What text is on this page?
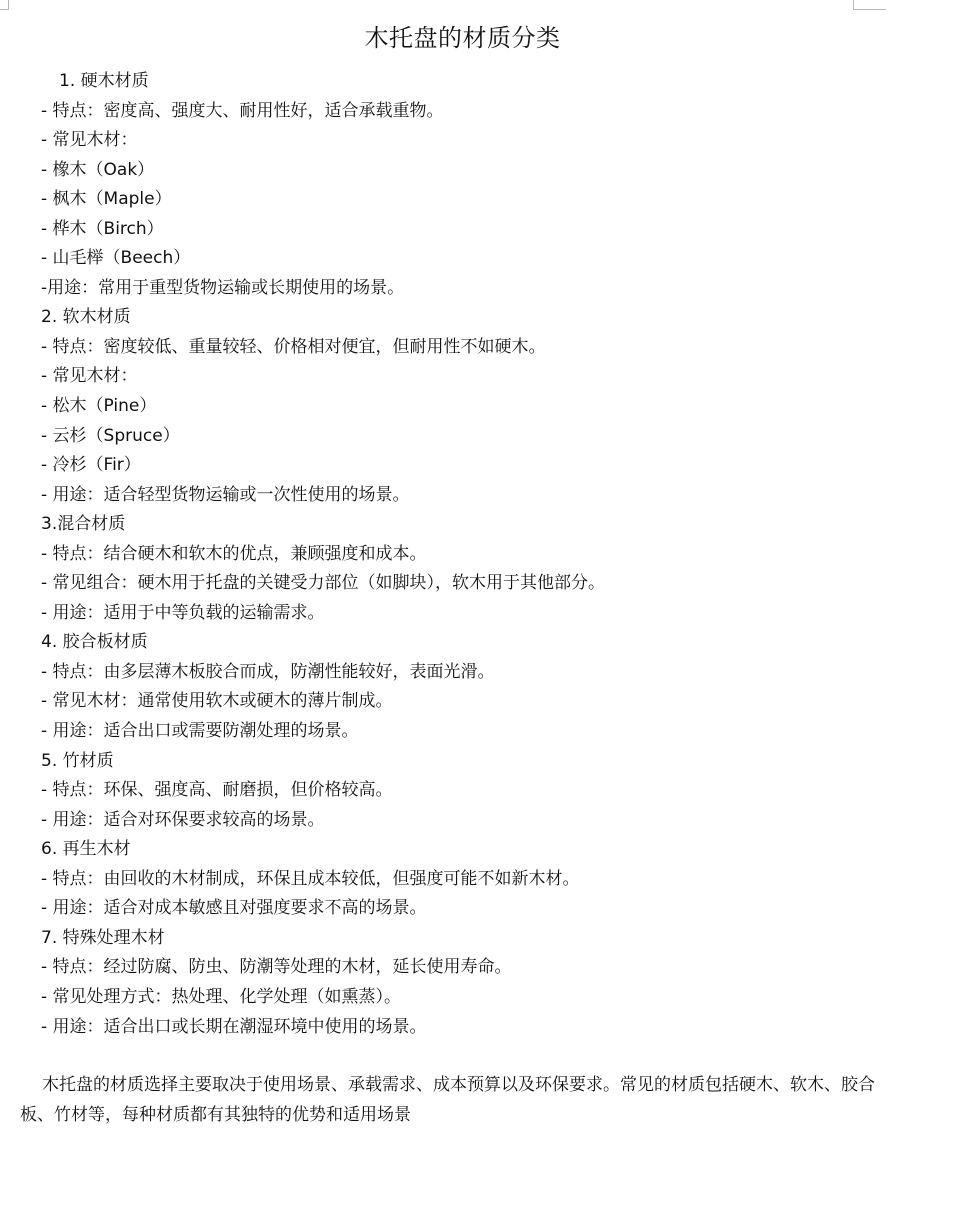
木托盘的材质分类
1. 硬木材质
- 特点：密度高、强度大、耐用性好，适合承载重物。
- 常见木材：
- 橡木（Oak）
- 枫木（Maple）
- 桦木（Birch）
- 山毛榉（Beech）
-用途：常用于重型货物运输或长期使用的场景。
2. 软木材质
- 特点：密度较低、重量较轻、价格相对便宜，但耐用性不如硬木。
- 常见木材：
- 松木（Pine）
- 云杉（Spruce）
- 冷杉（Fir）
- 用途：适合轻型货物运输或一次性使用的场景。
3.混合材质
- 特点：结合硬木和软木的优点，兼顾强度和成本。
- 常见组合：硬木用于托盘的关键受力部位（如脚块），软木用于其他部分。
- 用途：适用于中等负载的运输需求。
4. 胶合板材质
- 特点：由多层薄木板胶合而成，防潮性能较好，表面光滑。
- 常见木材：通常使用软木或硬木的薄片制成。
- 用途：适合出口或需要防潮处理的场景。
5. 竹材质
- 特点：环保、强度高、耐磨损，但价格较高。
- 用途：适合对环保要求较高的场景。
6. 再生木材
- 特点：由回收的木材制成，环保且成本较低，但强度可能不如新木材。
- 用途：适合对成本敏感且对强度要求不高的场景。
7. 特殊处理木材
- 特点：经过防腐、防虫、防潮等处理的木材，延长使用寿命。
- 常见处理方式：热处理、化学处理（如熏蒸）。
- 用途：适合出口或长期在潮湿环境中使用的场景。
木托盘的材质选择主要取决于使用场景、承载需求、成本预算以及环保要求。常见的材质包括硬木、软木、胶合板、竹材等，每种材质都有其独特的优势和适用场景
